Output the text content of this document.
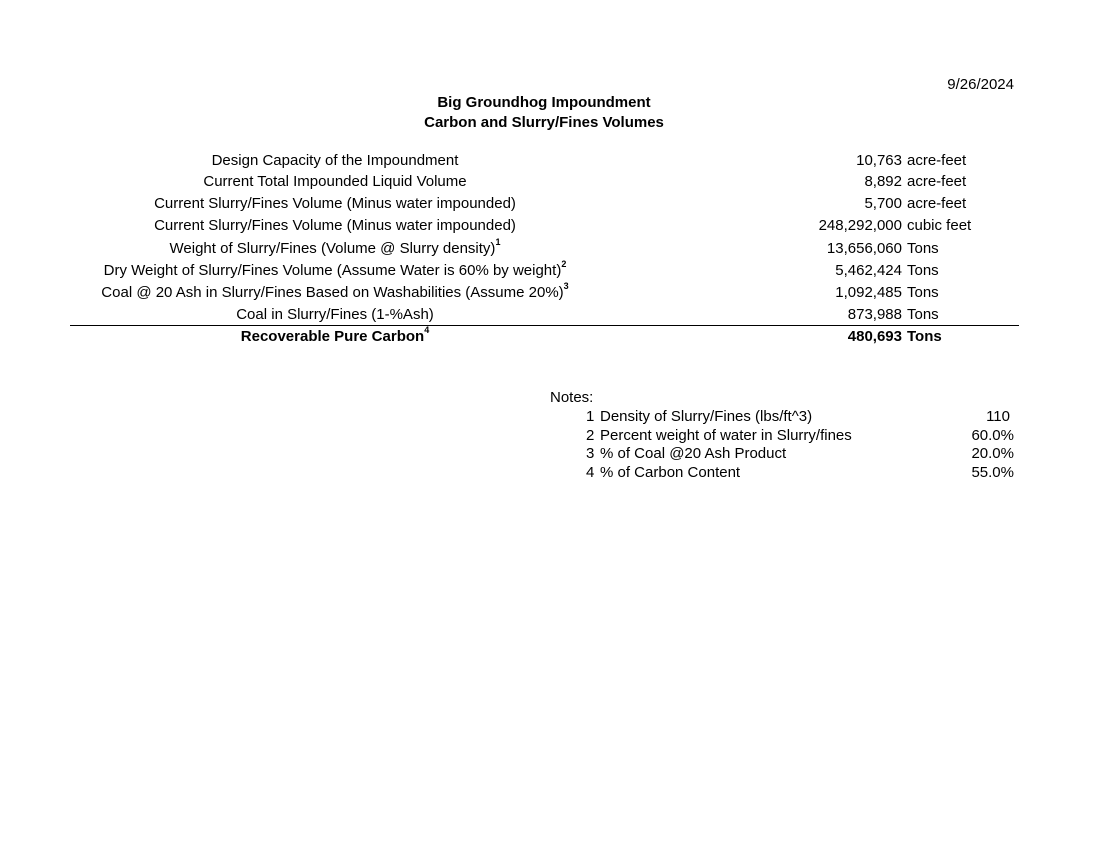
9/26/2024
Big Groundhog Impoundment
Carbon and Slurry/Fines Volumes
Design Capacity of the Impoundment	10,763 acre-feet
Current Total Impounded Liquid Volume	8,892 acre-feet
Current Slurry/Fines Volume (Minus water impounded)	5,700 acre-feet
Current Slurry/Fines Volume (Minus water impounded)	248,292,000 cubic feet
Weight of Slurry/Fines (Volume @ Slurry density)$^1$	13,656,060 Tons
Dry Weight of Slurry/Fines Volume (Assume Water is 60% by weight)$^2$	5,462,424 Tons
Coal @ 20 Ash in Slurry/Fines Based on Washabilities (Assume 20%)$^3$	1,092,485 Tons
Coal in Slurry/Fines (1-%Ash)	873,988 Tons
Recoverable Pure Carbon$^4$	480,693 Tons
Notes:
1 Density of Slurry/Fines (lbs/ft^3)	110
2 Percent weight of water in Slurry/fines	60.0%
3 % of Coal @20 Ash Product	20.0%
4 % of Carbon Content	55.0%
